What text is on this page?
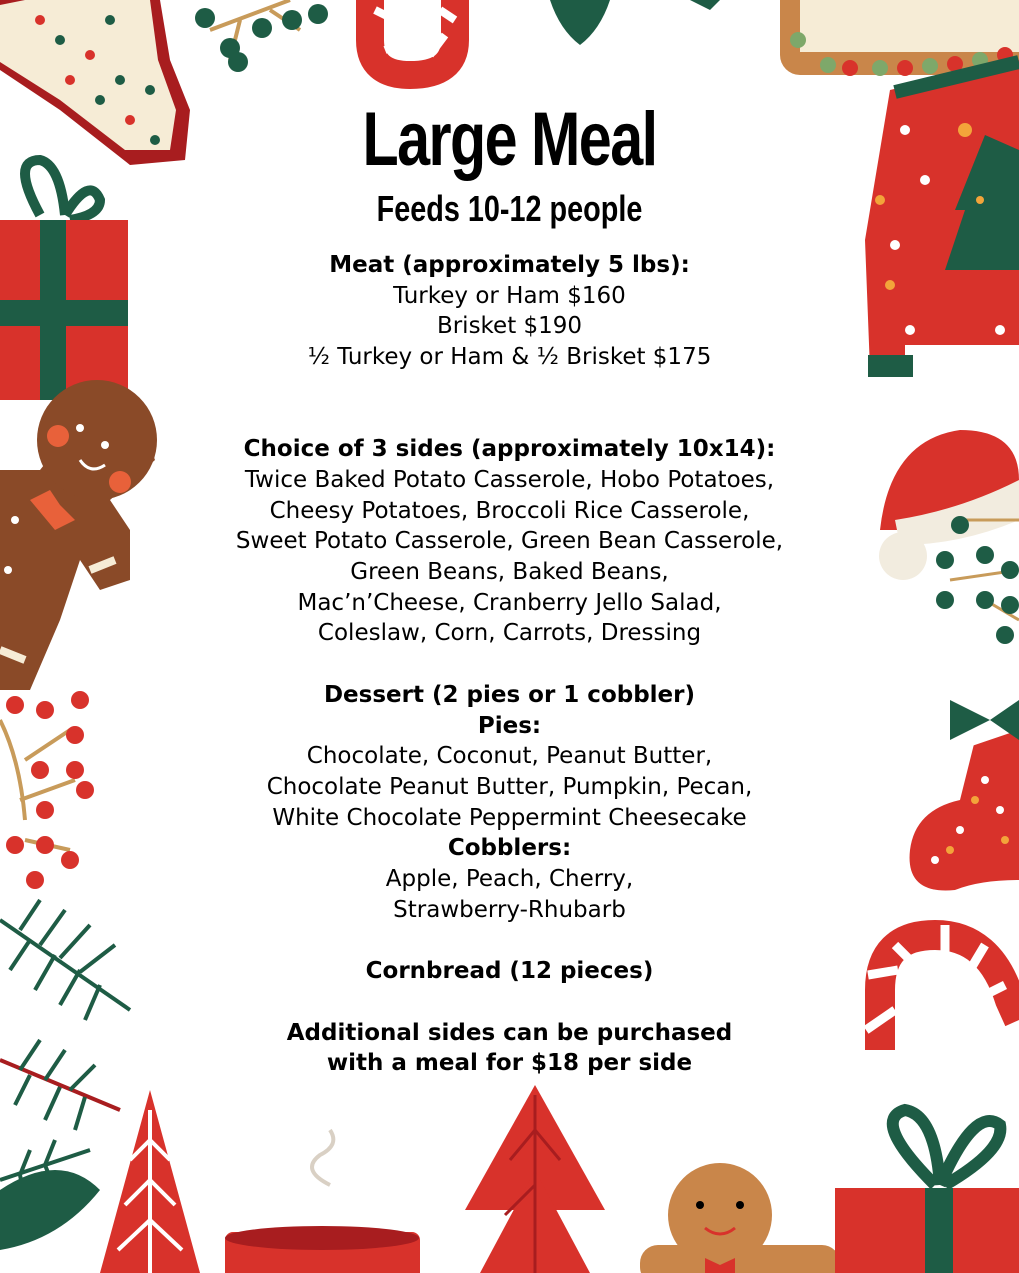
Large Meal
Feeds 10-12 people
Meat (approximately 5 lbs):
Turkey or Ham $160
Brisket $190
½ Turkey or Ham & ½ Brisket $175
Choice of 3 sides (approximately 10x14):
Twice Baked Potato Casserole, Hobo Potatoes,
Cheesy Potatoes, Broccoli Rice Casserole,
Sweet Potato Casserole, Green Bean Casserole,
Green Beans, Baked Beans,
Mac’n’Cheese, Cranberry Jello Salad,
Coleslaw, Corn, Carrots, Dressing
Dessert (2 pies or 1 cobbler)
Pies:
Chocolate, Coconut, Peanut Butter,
Chocolate Peanut Butter, Pumpkin, Pecan,
White Chocolate Peppermint Cheesecake
Cobblers:
Apple, Peach, Cherry,
Strawberry-Rhubarb
Cornbread (12 pieces)
Additional sides can be purchased
with a meal for $18 per side
